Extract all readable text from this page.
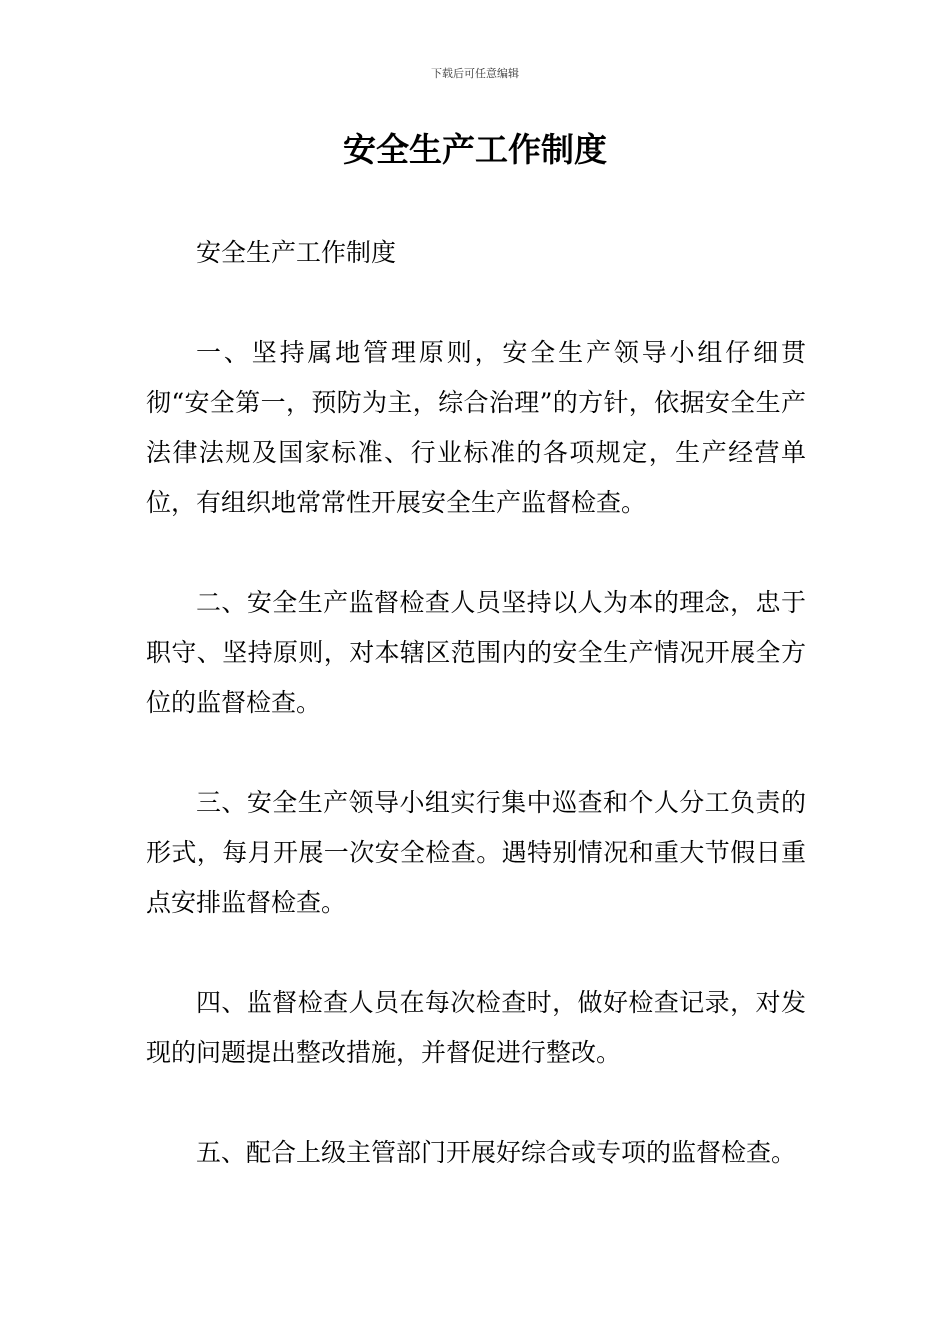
下载后可任意编辑
安全生产工作制度

安全生产工作制度

一、坚持属地管理原则，安全生产领导小组仔细贯彻“安全第一，预防为主，综合治理”的方针，依据安全生产法律法规及国家标准、行业标准的各项规定，生产经营单位，有组织地常常性开展安全生产监督检查。

二、安全生产监督检查人员坚持以人为本的理念，忠于职守、坚持原则，对本辖区范围内的安全生产情况开展全方位的监督检查。

三、安全生产领导小组实行集中巡查和个人分工负责的形式，每月开展一次安全检查。遇特别情况和重大节假日重点安排监督检查。

四、监督检查人员在每次检查时，做好检查记录，对发现的问题提出整改措施，并督促进行整改。

五、配合上级主管部门开展好综合或专项的监督检查。
